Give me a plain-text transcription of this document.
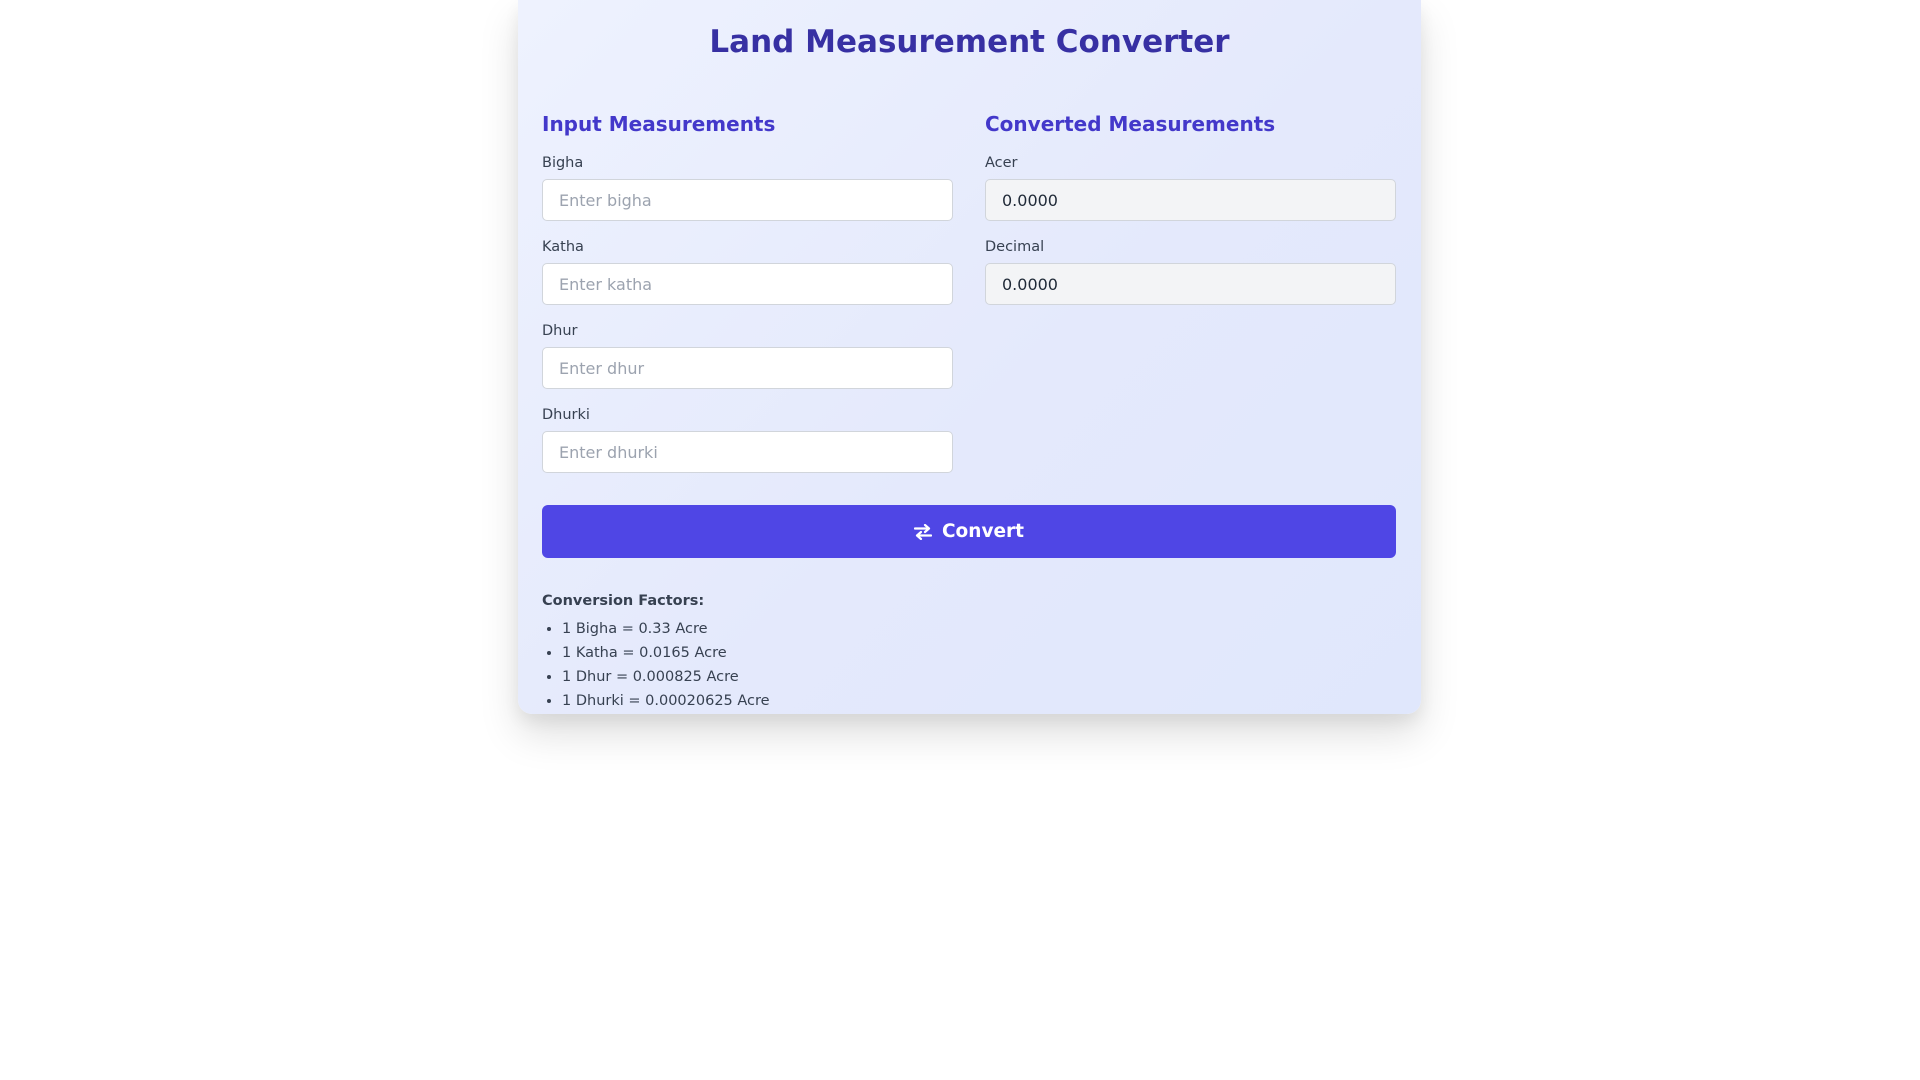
Land Measurement Converter
Input Measurements
Bigha
Enter bigha
Katha
Enter katha
Dhur
Enter dhur
Dhurki
Enter dhurki
Converted Measurements
Acer
0.0000
Decimal
0.0000
Convert
Conversion Factors:
• 1 Bigha = 0.33 Acre
• 1 Katha = 0.0165 Acre
• 1 Dhur = 0.000825 Acre
• 1 Dhurki = 0.00020625 Acre
